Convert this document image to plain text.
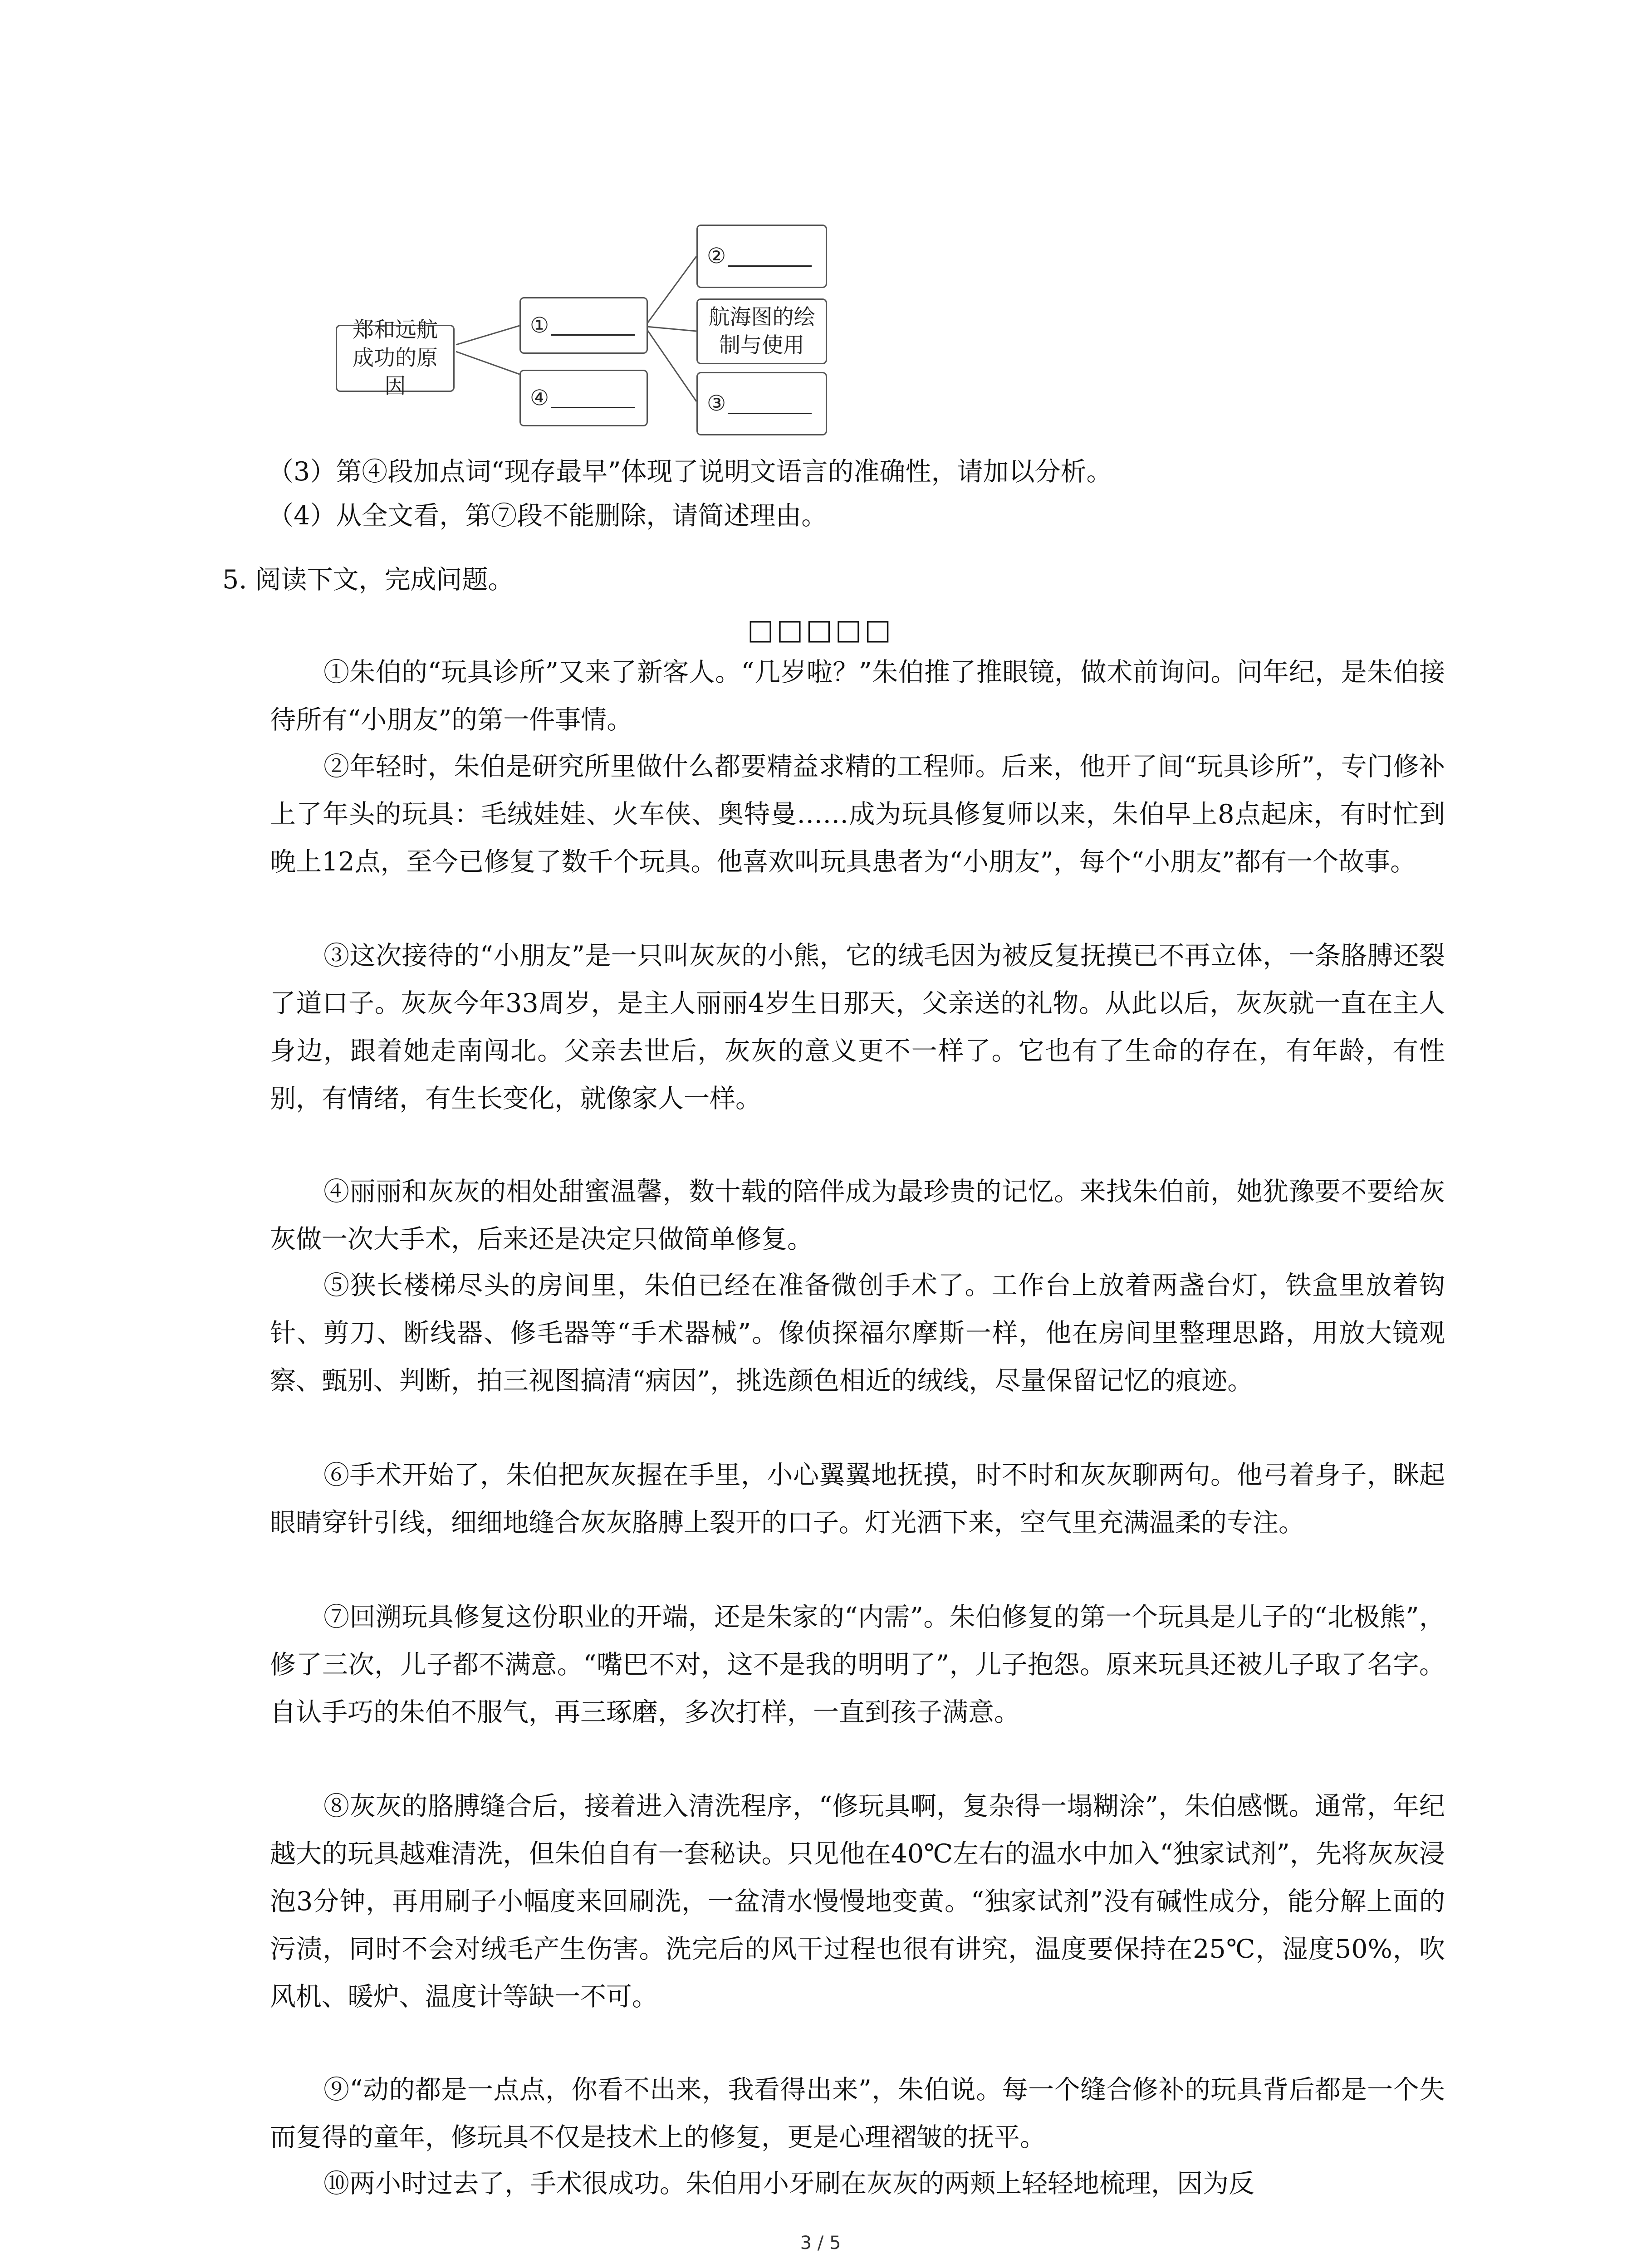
郑和远航成功的原因
①
④
②
航海图的绘制与使用
③
（3）第④段加点词“现存最早”体现了说明文语言的准确性，请加以分析。
（4）从全文看，第⑦段不能删除，请简述理由。
5. 阅读下文，完成问题。
□□□□□

①朱伯的“玩具诊所”又来了新客人。“几岁啦？”朱伯推了推眼镜，做术前询问。问年纪，是朱伯接待所有“小朋友”的第一件事情。

②年轻时，朱伯是研究所里做什么都要精益求精的工程师。后来，他开了间“玩具诊所”，专门修补上了年头的玩具：毛绒娃娃、火车侠、奥特曼……成为玩具修复师以来，朱伯早上8点起床，有时忙到晚上12点，至今已修复了数千个玩具。他喜欢叫玩具患者为“小朋友”，每个“小朋友”都有一个故事。

③这次接待的“小朋友”是一只叫灰灰的小熊，它的绒毛因为被反复抚摸已不再立体，一条胳膊还裂了道口子。灰灰今年33周岁，是主人丽丽4岁生日那天，父亲送的礼物。从此以后，灰灰就一直在主人身边，跟着她走南闯北。父亲去世后，灰灰的意义更不一样了。它也有了生命的存在，有年龄，有性别，有情绪，有生长变化，就像家人一样。

④丽丽和灰灰的相处甜蜜温馨，数十载的陪伴成为最珍贵的记忆。来找朱伯前，她犹豫要不要给灰灰做一次大手术，后来还是决定只做简单修复。

⑤狭长楼梯尽头的房间里，朱伯已经在准备微创手术了。工作台上放着两盏台灯，铁盒里放着钩针、剪刀、断线器、修毛器等“手术器械”。像侦探福尔摩斯一样，他在房间里整理思路，用放大镜观察、甄别、判断，拍三视图搞清“病因”，挑选颜色相近的绒线，尽量保留记忆的痕迹。

⑥手术开始了，朱伯把灰灰握在手里，小心翼翼地抚摸，时不时和灰灰聊两句。他弓着身子，眯起眼睛穿针引线，细细地缝合灰灰胳膊上裂开的口子。灯光洒下来，空气里充满温柔的专注。

⑦回溯玩具修复这份职业的开端，还是朱家的“内需”。朱伯修复的第一个玩具是儿子的“北极熊”，修了三次，儿子都不满意。“嘴巴不对，这不是我的明明了”，儿子抱怨。原来玩具还被儿子取了名字。自认手巧的朱伯不服气，再三琢磨，多次打样，一直到孩子满意。

⑧灰灰的胳膊缝合后，接着进入清洗程序，“修玩具啊，复杂得一塌糊涂”，朱伯感慨。通常，年纪越大的玩具越难清洗，但朱伯自有一套秘诀。只见他在40℃左右的温水中加入“独家试剂”，先将灰灰浸泡3分钟，再用刷子小幅度来回刷洗，一盆清水慢慢地变黄。“独家试剂”没有碱性成分，能分解上面的污渍，同时不会对绒毛产生伤害。洗完后的风干过程也很有讲究，温度要保持在25℃，湿度50%，吹风机、暖炉、温度计等缺一不可。

⑨“动的都是一点点，你看不出来，我看得出来”，朱伯说。每一个缝合修补的玩具背后都是一个失而复得的童年，修玩具不仅是技术上的修复，更是心理褶皱的抚平。

⑩两小时过去了，手术很成功。朱伯用小牙刷在灰灰的两颊上轻轻地梳理，因为反

3 / 5
